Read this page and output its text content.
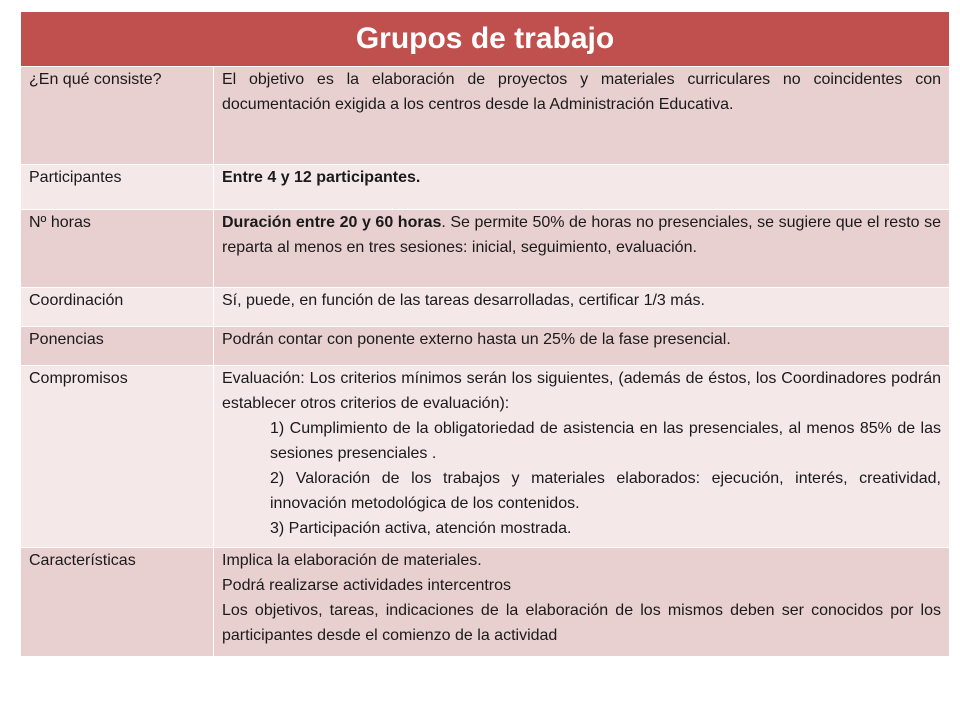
Grupos de trabajo	
¿En qué consiste?	El objetivo es la elaboración de proyectos y materiales curriculares no coincidentes con documentación exigida a los centros desde la Administración Educativa.
Participantes	Entre 4 y 12 participantes.
Nº horas	Duración entre 20 y 60 horas. Se permite 50% de horas no presenciales, se sugiere que el resto se reparta al menos en tres sesiones: inicial, seguimiento, evaluación.
Coordinación	Sí, puede, en función de las tareas desarrolladas, certificar 1/3 más.
Ponencias	Podrán contar con ponente externo hasta un 25% de la fase presencial.
Compromisos	Evaluación: Los criterios mínimos serán los siguientes, (además de éstos, los Coordinadores podrán establecer otros criterios de evaluación):
1) Cumplimiento de la obligatoriedad de asistencia en las presenciales, al menos 85% de las sesiones presenciales .
2) Valoración de los trabajos y materiales elaborados: ejecución, interés, creatividad, innovación metodológica de los contenidos.
3) Participación activa, atención mostrada.

Características	Implica la elaboración de materiales.
Podrá realizarse actividades intercentros
Los objetivos, tareas, indicaciones de la elaboración de los mismos deben ser conocidos por los participantes desde el comienzo de la actividad
